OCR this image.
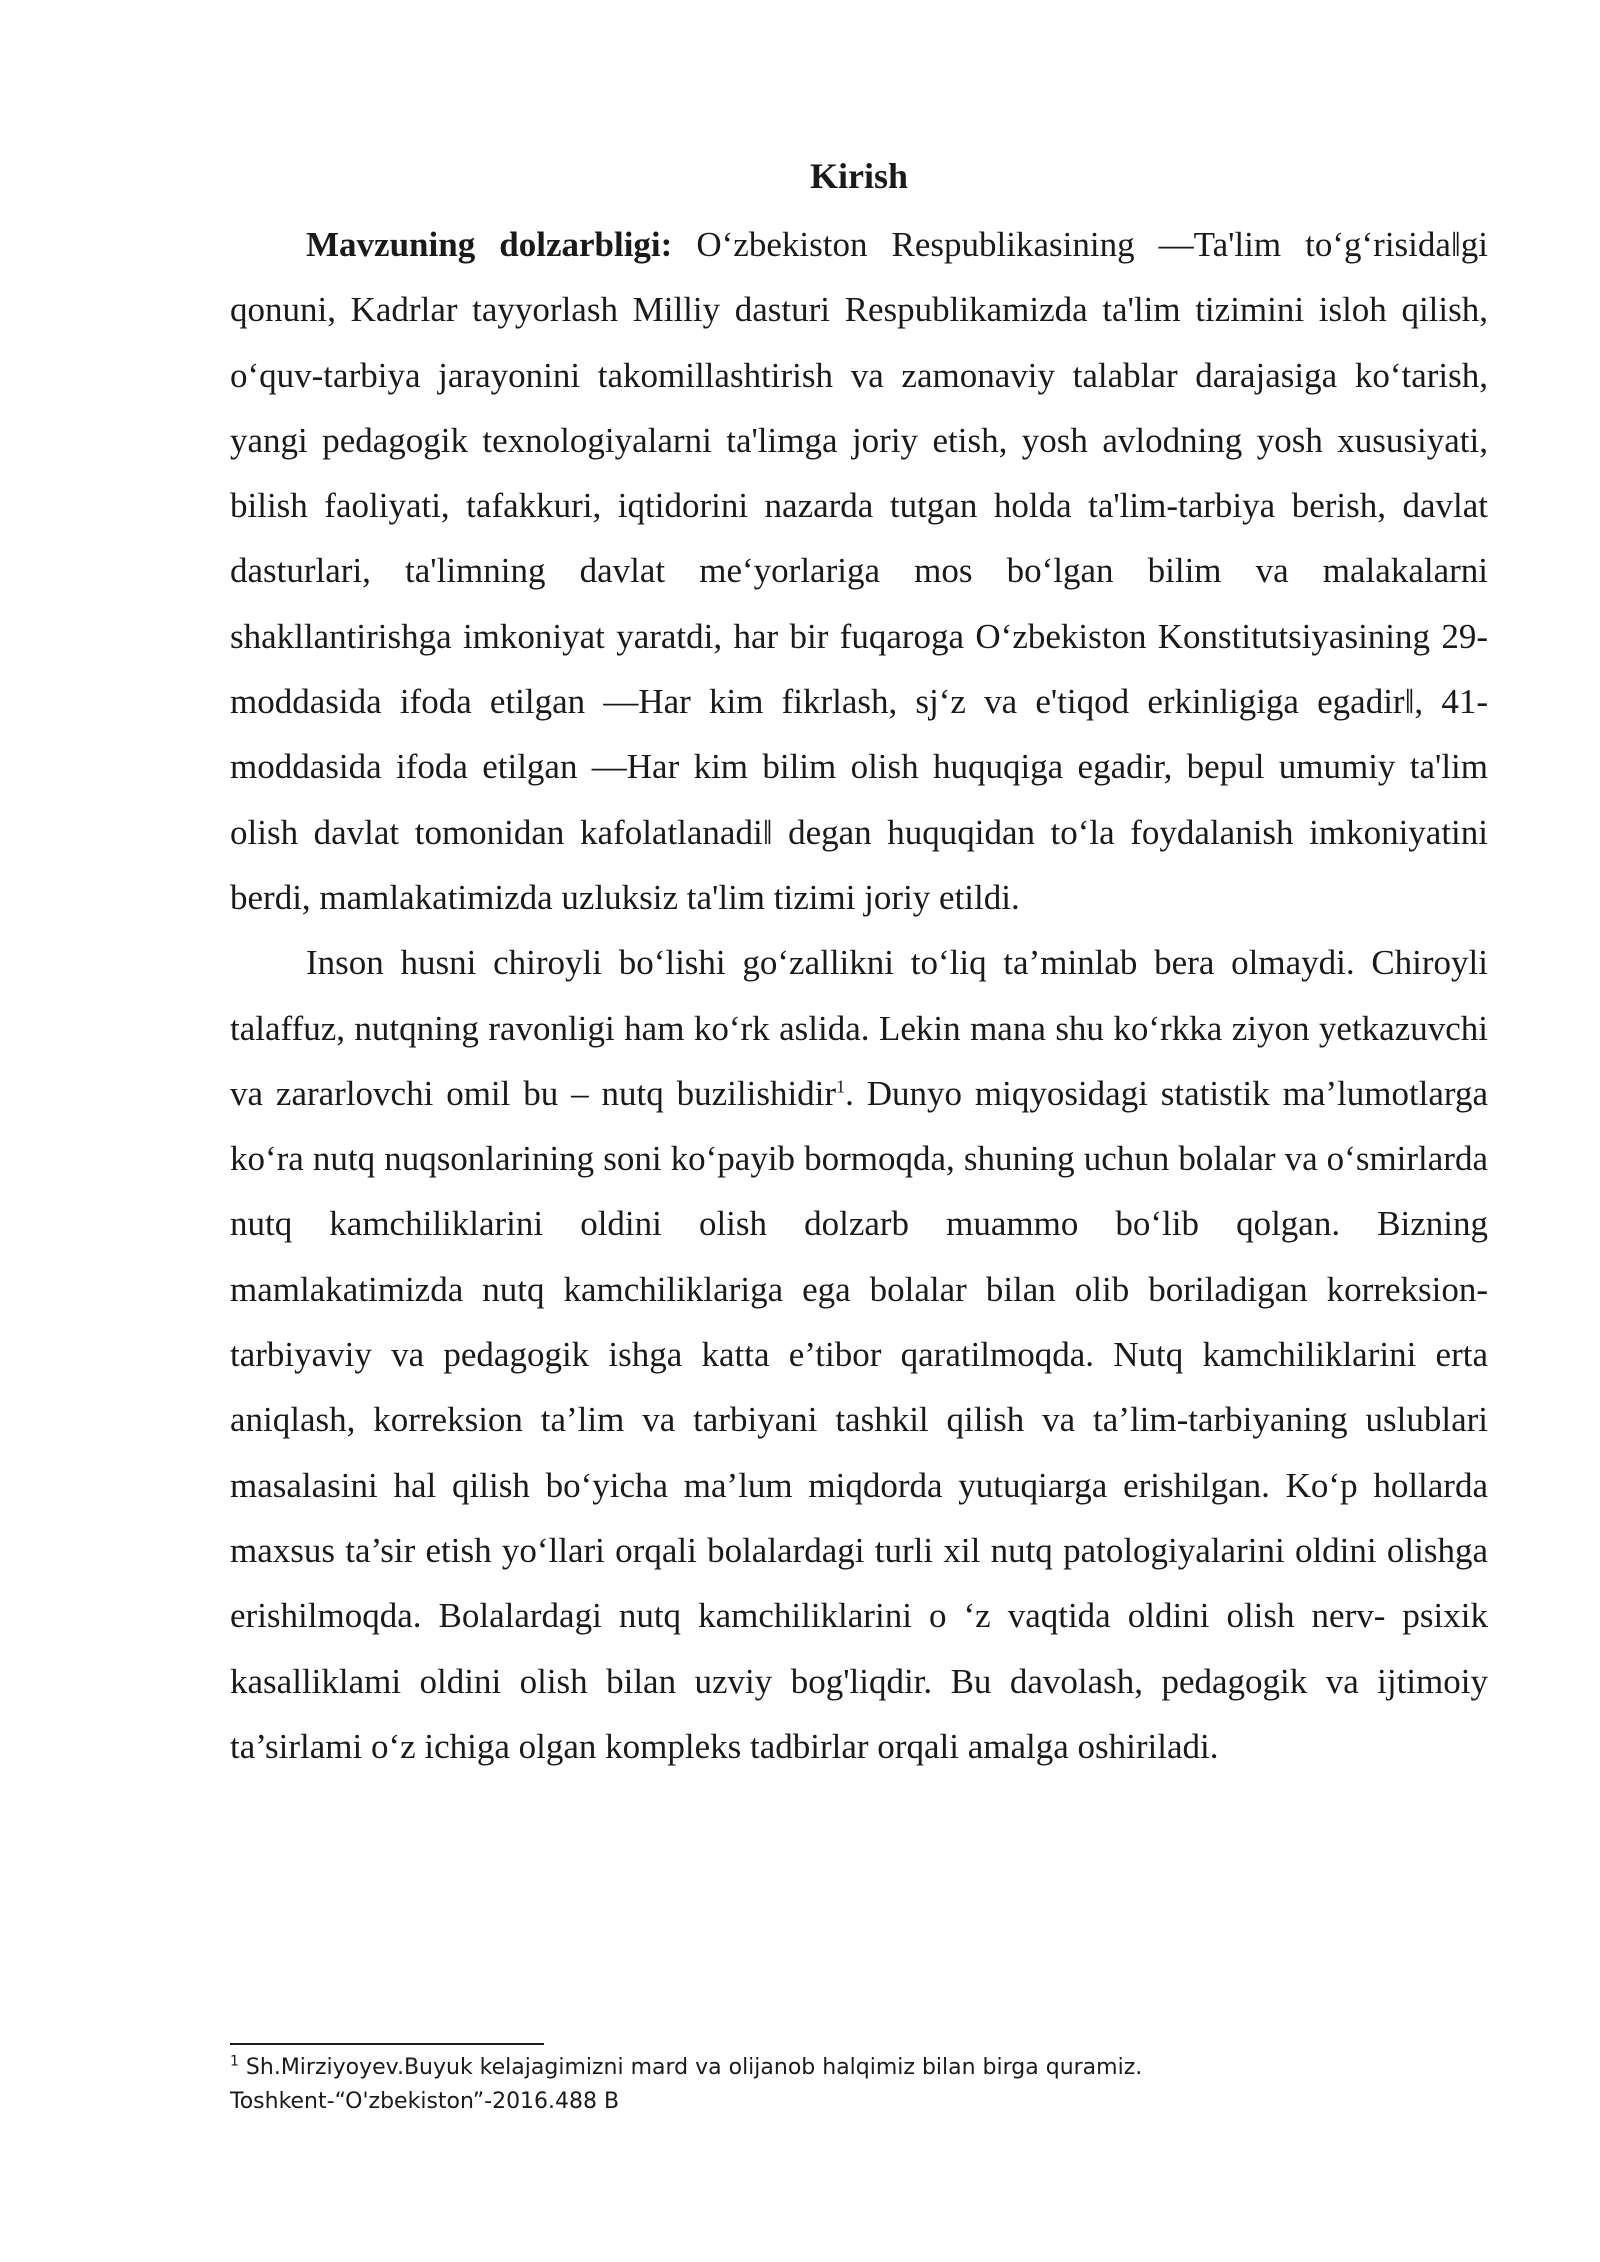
Kirish

Mavzuning dolzarbligi: O‘zbekiston Respublikasining ―Ta'lim to‘g‘risida‖gi qonuni, Kadrlar tayyorlash Milliy dasturi Respublikamizda ta'lim tizimini isloh qilish, o‘quv-tarbiya jarayonini takomillashtirish va zamonaviy talablar darajasiga ko‘tarish, yangi pedagogik texnologiyalarni ta'limga joriy etish, yosh avlodning yosh xususiyati, bilish faoliyati, tafakkuri, iqtidorini nazarda tutgan holda ta'lim-tarbiya berish, davlat dasturlari, ta'limning davlat me‘yorlariga mos bo‘lgan bilim va malakalarni shakllantirishga imkoniyat yaratdi, har bir fuqaroga O‘zbekiston Konstitutsiyasining 29- moddasida ifoda etilgan ―Har kim fikrlash, sj‘z va e'tiqod erkinligiga egadir‖, 41- moddasida ifoda etilgan ―Har kim bilim olish huquqiga egadir, bepul umumiy ta'lim olish davlat tomonidan kafolatlanadi‖ degan huquqidan to‘la foydalanish imkoniyatini berdi, mamlakatimizda uzluksiz ta'lim tizimi joriy etildi.

Inson husni chiroyli bo‘lishi go‘zallikni to‘liq ta’minlab bera olmaydi. Chiroyli talaffuz, nutqning ravonligi ham ko‘rk aslida. Lekin mana shu ko‘rkka ziyon yetkazuvchi va zararlovchi omil bu – nutq buzilishidir$^1$. Dunyo miqyosidagi statistik ma’lumotlarga ko‘ra nutq nuqsonlarining soni ko‘payib bormoqda, shuning uchun bolalar va o‘smirlarda nutq kamchiliklarini oldini olish dolzarb muammo bo‘lib qolgan. Bizning mamlakatimizda nutq kamchiliklariga ega bolalar bilan olib boriladigan korreksion-tarbiyaviy va pedagogik ishga katta e’tibor qaratilmoqda. Nutq kamchiliklarini erta aniqlash, korreksion ta’lim va tarbiyani tashkil qilish va ta’lim-tarbiyaning uslublari masalasini hal qilish bo‘yicha ma’lum miqdorda yutuqiarga erishilgan. Ko‘p hollarda maxsus ta’sir etish yo‘llari orqali bolalardagi turli xil nutq patologiyalarini oldini olishga erishilmoqda. Bolalardagi nutq kamchiliklarini o ‘z vaqtida oldini olish nerv- psixik kasalliklami oldini olish bilan uzviy bog'liqdir. Bu davolash, pedagogik va ijtimoiy ta’sirlami o‘z ichiga olgan kompleks tadbirlar orqali amalga oshiriladi.

$^1$ Sh.Mirziyoyev.Buyuk kelajagimizni mard va olijanob halqimiz bilan birga quramiz. Toshkent-“O'zbekiston”-2016.488 B
